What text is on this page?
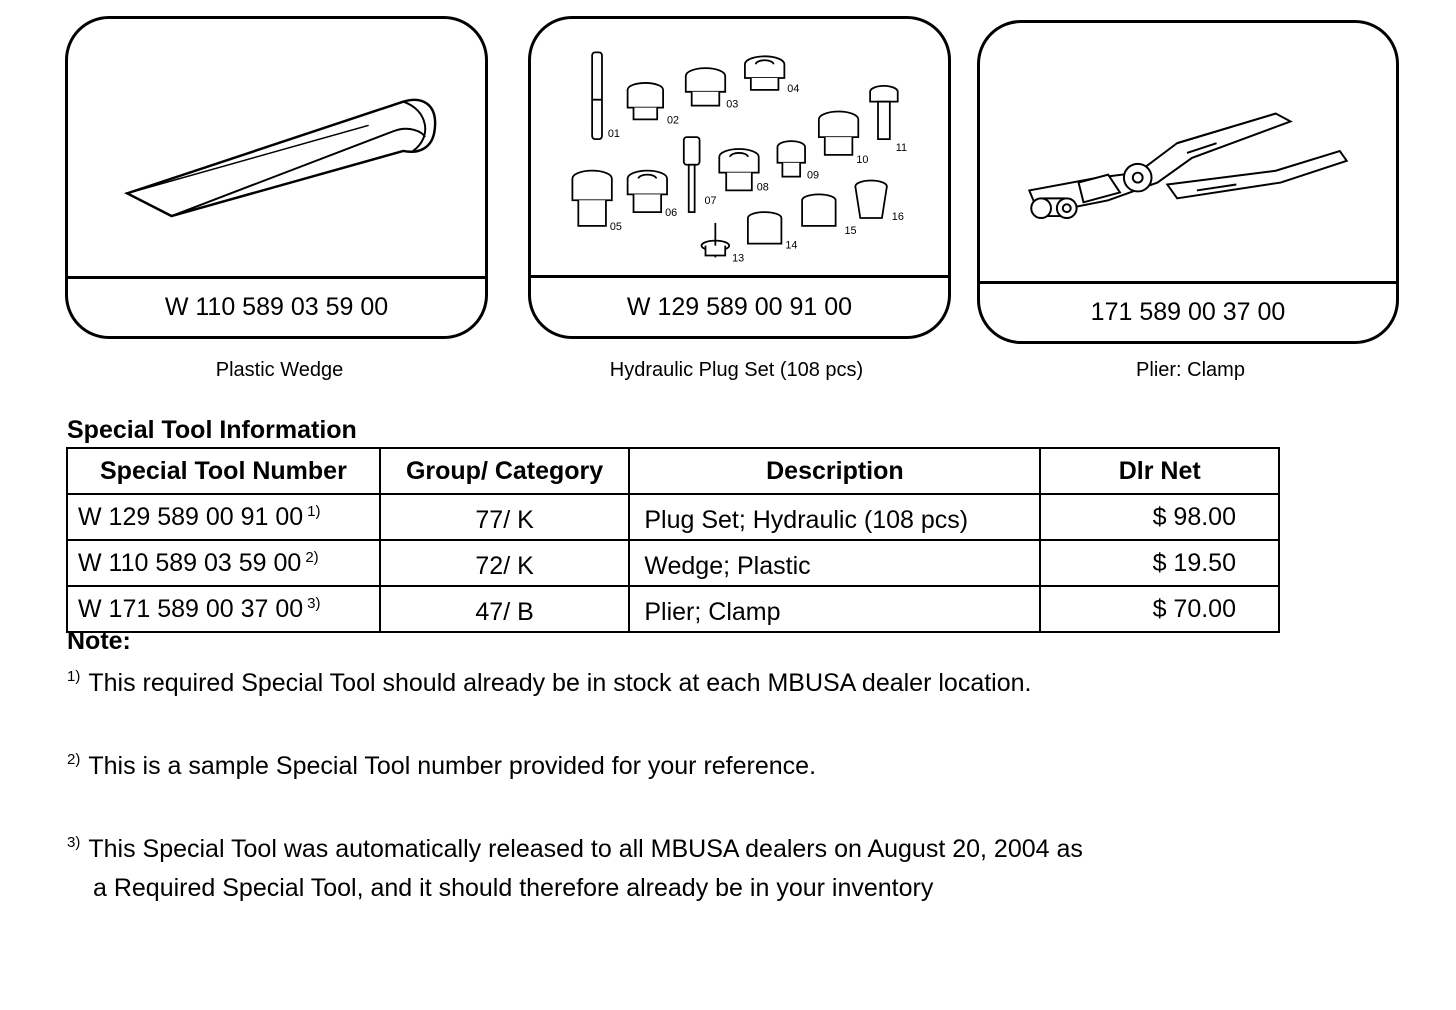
W 110 589 03 59 00
Plastic Wedge
01
02
03
04
05
06
07
08
09
10
11
13
14
15
16
W 129 589 00 91 00
Hydraulic Plug Set (108 pcs)
171 589 00 37 00
Plier: Clamp
Special Tool Information
Special Tool Number	Group/ Category	Description	Dlr Net
W 129 589 00 91 00 $^{1)}$	77/ K	Plug Set; Hydraulic (108 pcs)	$ 98.00
W 110 589 03 59 00 $^{2)}$	72/ K	Wedge; Plastic	$ 19.50
W 171 589 00 37 00 $^{3)}$	47/ B	Plier; Clamp	$ 70.00
Note:
$^{1)}$ This required Special Tool should already be in stock at each MBUSA dealer location.
$^{2)}$ This is a sample Special Tool number provided for your reference.
$^{3)}$ This Special Tool was automatically released to all MBUSA dealers on August 20, 2004 as
a Required Special Tool, and it should therefore already be in your inventory
